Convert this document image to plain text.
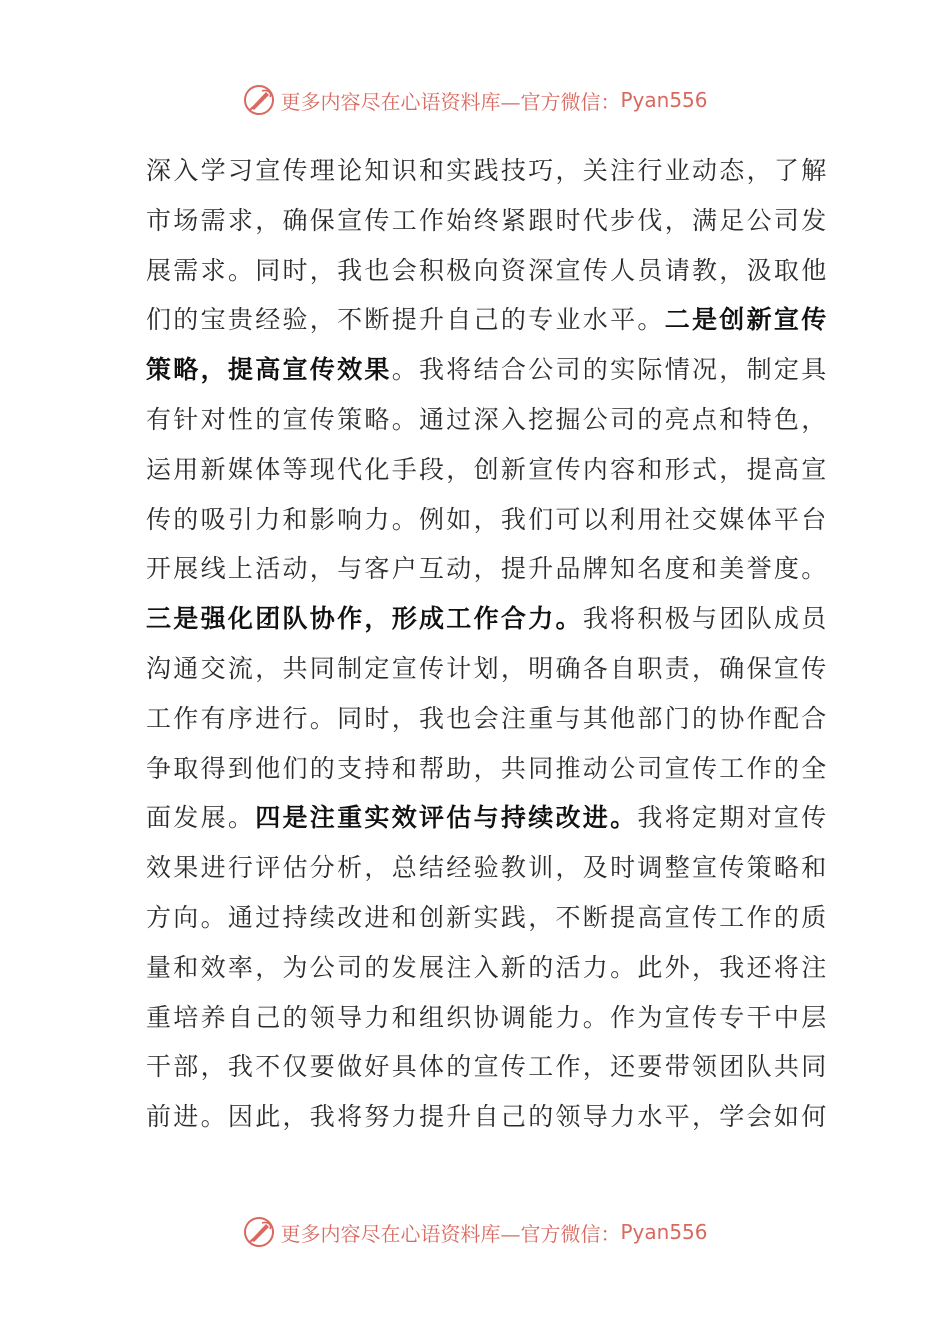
更多内容尽在心语资料库—官方微信： Pyan556
深入学习宣传理论知识和实践技巧，关注行业动态，了解
市场需求，确保宣传工作始终紧跟时代步伐，满足公司发
展需求。同时，我也会积极向资深宣传人员请教，汲取他
们的宝贵经验，不断提升自己的专业水平。二是创新宣传
策略，提高宣传效果。我将结合公司的实际情况，制定具
有针对性的宣传策略。通过深入挖掘公司的亮点和特色，
运用新媒体等现代化手段，创新宣传内容和形式，提高宣
传的吸引力和影响力。例如，我们可以利用社交媒体平台
开展线上活动，与客户互动，提升品牌知名度和美誉度。
三是强化团队协作，形成工作合力。我将积极与团队成员
沟通交流，共同制定宣传计划，明确各自职责，确保宣传
工作有序进行。同时，我也会注重与其他部门的协作配合
争取得到他们的支持和帮助，共同推动公司宣传工作的全
面发展。四是注重实效评估与持续改进。我将定期对宣传
效果进行评估分析，总结经验教训，及时调整宣传策略和
方向。通过持续改进和创新实践，不断提高宣传工作的质
量和效率，为公司的发展注入新的活力。此外，我还将注
重培养自己的领导力和组织协调能力。作为宣传专干中层
干部，我不仅要做好具体的宣传工作，还要带领团队共同
前进。因此，我将努力提升自己的领导力水平，学会如何
更多内容尽在心语资料库—官方微信： Pyan556
